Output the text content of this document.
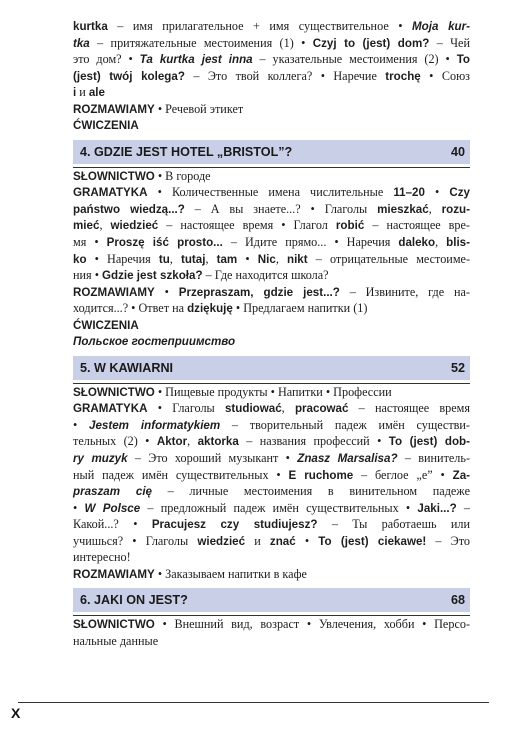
kurtka – имя прилагательное + имя существительное • Moja kur-
tka – притяжательные местоимения (1) • Czyj to (jest) dom? – Чей
это дом? • Ta kurtka jest inna – указательные местоимения (2) • To
(jest) twój kolega? – Это твой коллега? • Наречие trochę • Союз
i и ale
ROZMAWIAMY • Речевой этикет
ĆWICZENIA
4. GDZIE JEST HOTEL „BRISTOL”?	40
SŁOWNICTWO • В городе
GRAMATYKA • Количественные имена числительные 11–20 • Czy
państwo wiedzą...? – А вы знаете...? • Глаголы mieszkać, rozu-
mieć, wiedzieć – настоящее время • Глагол robić – настоящее вре-
мя • Proszę iść prosto... – Идите прямо... • Наречия daleko, blis-
ko • Наречия tu, tutaj, tam • Nic, nikt – отрицательные местоиме-
ния • Gdzie jest szkoła? – Где находится школа?
ROZMAWIAMY • Przepraszam, gdzie jest...? – Извините, где на-
ходится...? • Ответ на dziękuję • Предлагаем напитки (1)
ĆWICZENIA
Польское гостеприимство
5. W KAWIARNI	52
SŁOWNICTWO • Пищевые продукты • Напитки • Профессии
GRAMATYKA • Глаголы studiować, pracować – настоящее время
• Jestem informatykiem – творительный падеж имён существи-
тельных (2) • Aktor, aktorka – названия профессий • To (jest) dob-
ry muzyk – Это хороший музыкант • Znasz Marsalisa? – винитель-
ный падеж имён существительных • E ruchome – беглое „е” • Za-
praszam cię – личные местоимения в винительном падеже
• W Polsce – предложный падеж имён существительных • Jaki...? –
Какой...? • Pracujesz czy studiujesz? – Ты работаешь или
учишься? • Глаголы wiedzieć и znać • To (jest) ciekawe! – Это
интересно!
ROZMAWIAMY • Заказываем напитки в кафе
6. JAKI ON JEST?	68
SŁOWNICTWO • Внешний вид, возраст • Увлечения, хобби • Персо-
нальные данные
X
